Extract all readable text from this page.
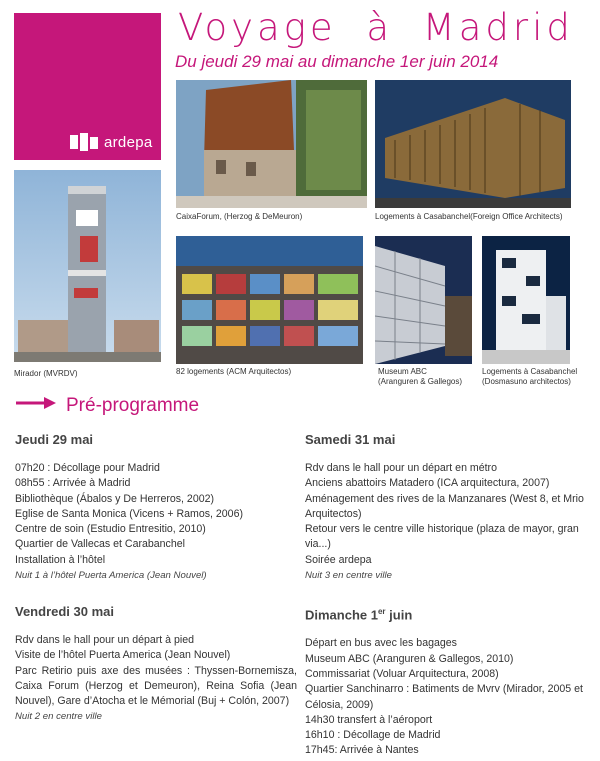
ardepa
Voyage à Madrid
Du jeudi 29 mai au dimanche 1er juin 2014
Mirador (MVRDV)
CaixaForum, (Herzog & DeMeuron)	Logements à Casabanchel(Foreign Office Architects)
82 logements (ACM Arquitectos)	Museum ABC
(Aranguren & Gallegos)
Logements à Casabanchel
(Dosmasuno architectos)
Pré-programme
Jeudi 29 mai
07h20 : Décollage pour Madrid
08h55 : Arrivée à Madrid
Bibliothèque (Ábalos y De Herreros, 2002)
Eglise de Santa Monica (Vicens + Ramos, 2006)
Centre de soin (Estudio Entresitio, 2010)
Quartier de Vallecas et Carabanchel
Installation à l’hôtel
Nuit 1 à l’hôtel Puerta America (Jean Nouvel)
Vendredi 30 mai
Rdv dans le hall pour un départ à pied
Visite de l’hôtel Puerta America (Jean Nouvel)
Parc Retirio puis axe des musées : Thyssen-Bornemisza, Caixa Forum (Herzog et Demeuron), Reina Sofia (Jean Nouvel), Gare d’Atocha et le Mémorial (Buj + Colón, 2007)
Nuit 2 en centre ville
Samedi 31 mai
Rdv dans le hall pour un départ en métro
Anciens abattoirs Matadero (ICA arquitectura, 2007)
Aménagement des rives de la Manzanares (West 8, et Mrio Arquitectos)
Retour vers le centre ville historique (plaza de mayor, gran via...)
Soirée ardepa
Nuit 3 en centre ville
Dimanche 1er juin
Départ en bus avec les bagages
Museum ABC (Aranguren & Gallegos, 2010)
Commissariat (Voluar Arquitectura, 2008)
Quartier Sanchinarro : Batiments de Mvrv (Mirador, 2005 et Célosia, 2009)
14h30 transfert à l’aéroport
16h10 : Décollage de Madrid
17h45: Arrivée à Nantes
